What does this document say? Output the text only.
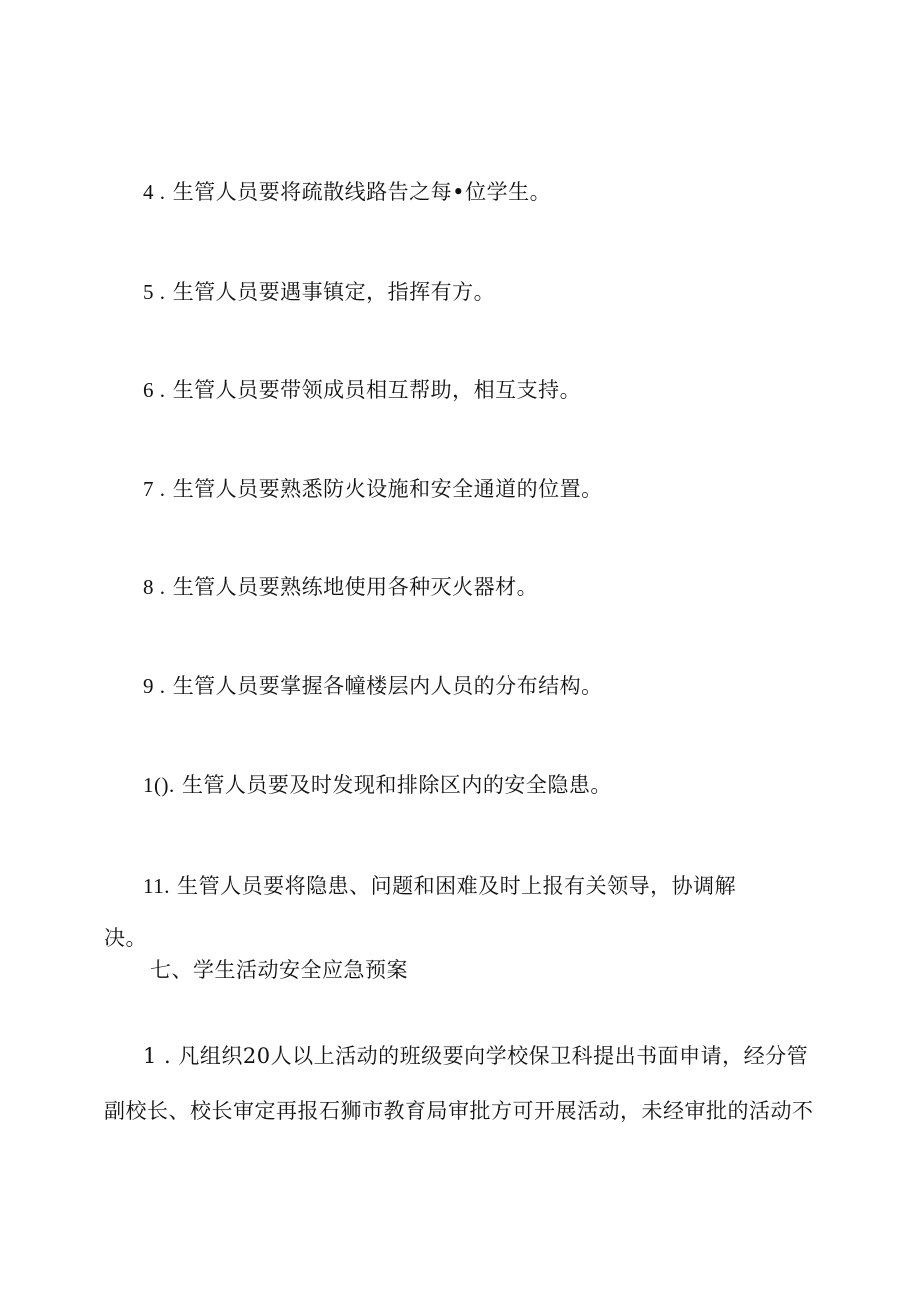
4 . 生管人员要将疏散线路告之每•位学生。
5 . 生管人员要遇事镇定，指挥有方。
6 . 生管人员要带领成员相互帮助，相互支持。
7 . 生管人员要熟悉防火设施和安全通道的位置。
8 . 生管人员要熟练地使用各种灭火器材。
9 . 生管人员要掌握各幢楼层内人员的分布结构。
1(). 生管人员要及时发现和排除区内的安全隐患。
11. 生管人员要将隐患、问题和困难及时上报有关领导，协调解
决。
七、学生活动安全应急预案
1 . 凡组织20人以上活动的班级要向学校保卫科提出书面申请，经分管
副校长、校长审定再报石狮市教育局审批方可开展活动，未经审批的活动不
